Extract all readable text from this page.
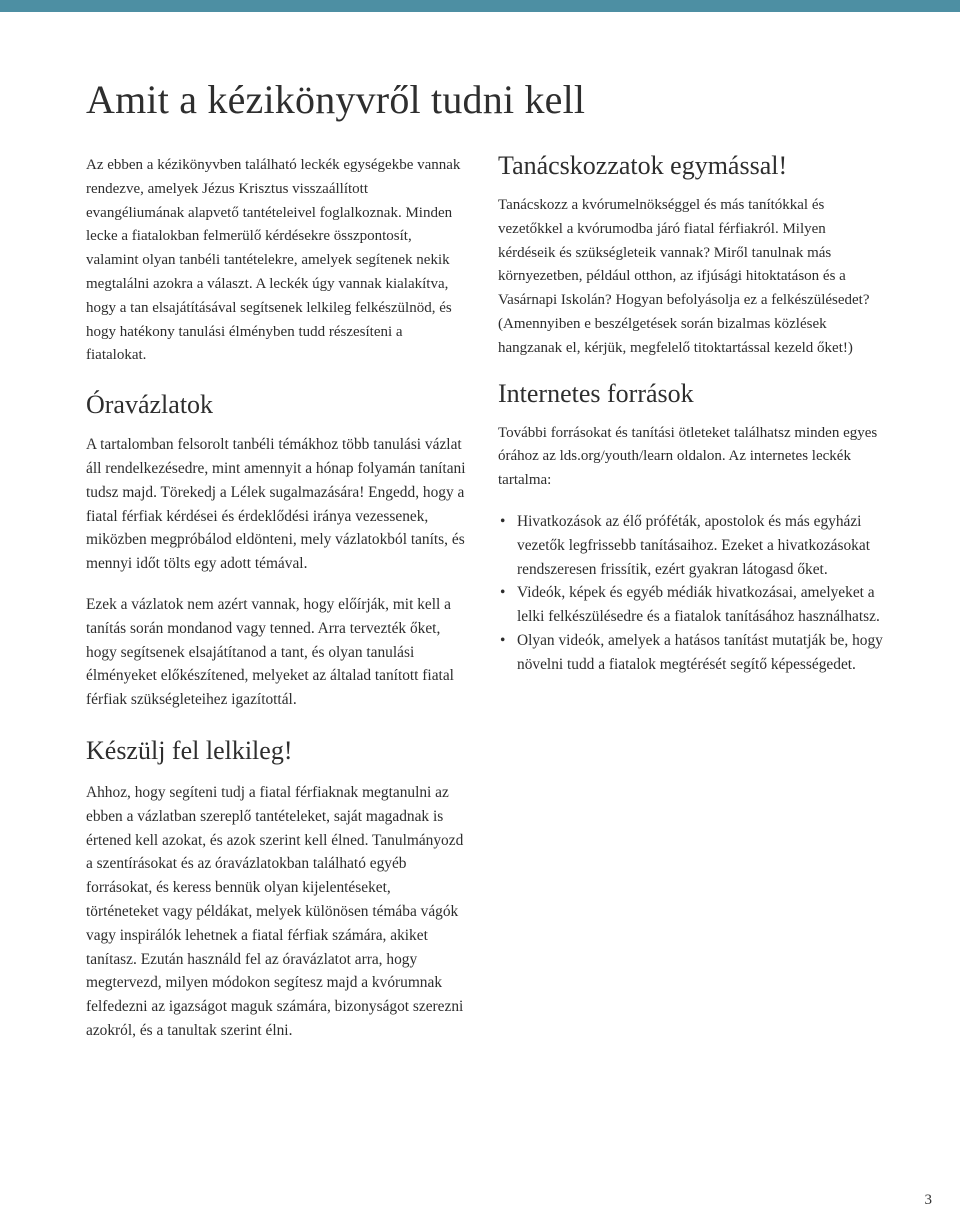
Amit a kézikönyvről tudni kell

Az ebben a kézikönyvben található leckék egységekbe vannak rendezve, amelyek Jézus Krisztus visszaállított evangéliumának alapvető tantételeivel foglalkoznak. Minden lecke a fiatalokban felmerülő kérdésekre összpontosít, valamint olyan tanbéli tantételekre, amelyek segítenek nekik megtalálni azokra a választ. A leckék úgy vannak kialakítva, hogy a tan elsajátításával segítsenek lelkileg felkészülnöd, és hogy hatékony tanulási élményben tudd részesíteni a fiatalokat.

Óravázlatok

A tartalomban felsorolt tanbéli témákhoz több tanulási vázlat áll rendelkezésedre, mint amennyit a hónap folyamán tanítani tudsz majd. Törekedj a Lélek sugalmazására! Engedd, hogy a fiatal férfiak kérdései és érdeklődési iránya vezessenek, miközben megpróbálod eldönteni, mely vázlatokból taníts, és mennyi időt tölts egy adott témával.

Ezek a vázlatok nem azért vannak, hogy előírják, mit kell a tanítás során mondanod vagy tenned. Arra tervezték őket, hogy segítsenek elsajátítanod a tant, és olyan tanulási élményeket előkészítened, melyeket az általad tanított fiatal férfiak szükségleteihez igazítottál.

Készülj fel lelkileg!

Ahhoz, hogy segíteni tudj a fiatal férfiaknak megtanulni az ebben a vázlatban szereplő tantételeket, saját magadnak is értened kell azokat, és azok szerint kell élned. Tanulmányozd a szentírásokat és az óravázlatokban található egyéb forrásokat, és keress bennük olyan kijelentéseket, történeteket vagy példákat, melyek különösen témába vágók vagy inspirálók lehetnek a fiatal férfiak számára, akiket tanítasz. Ezután használd fel az óravázlatot arra, hogy megtervezd, milyen módokon segítesz majd a kvórumnak felfedezni az igazságot maguk számára, bizonyságot szerezni azokról, és a tanultak szerint élni.

Tanácskozzatok egymással!

Tanácskozz a kvórumelnökséggel és más tanítókkal és vezetőkkel a kvórumodba járó fiatal férfiakról. Milyen kérdéseik és szükségleteik vannak? Miről tanulnak más környezetben, például otthon, az ifjúsági hitoktatáson és a Vasárnapi Iskolán? Hogyan befolyásolja ez a felkészülésedet? (Amennyiben e beszélgetések során bizalmas közlések hangzanak el, kérjük, megfelelő titoktartással kezeld őket!)

Internetes források

További forrásokat és tanítási ötleteket találhatsz minden egyes órához az lds.org/youth/learn oldalon. Az internetes leckék tartalma:

• Hivatkozások az élő próféták, apostolok és más egyházi vezetők legfrissebb tanításaihoz. Ezeket a hivatkozásokat rendszeresen frissítik, ezért gyakran látogasd őket.
• Videók, képek és egyéb médiák hivatkozásai, amelyeket a lelki felkészülésedre és a fiatalok tanításához használhatsz.
• Olyan videók, amelyek a hatásos tanítást mutatják be, hogy növelni tudd a fiatalok megtérését segítő képességedet.
3
